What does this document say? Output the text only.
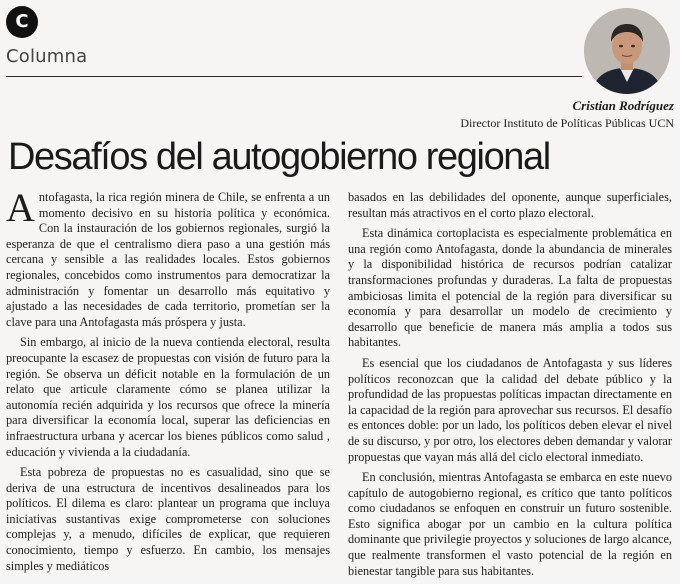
C
Columna
Cristian Rodríguez
Director Instituto de Políticas Públicas UCN
Desafíos del autogobierno regional

Antofagasta, la rica región minera de Chile, se enfrenta a un momento decisivo en su historia política y económica. Con la instauración de los gobiernos regionales, surgió la esperanza de que el centralismo diera paso a una gestión más cercana y sensible a las realidades locales. Estos gobiernos regionales, concebidos como instrumentos para democratizar la administración y fomentar un desarrollo más equitativo y ajustado a las necesidades de cada territorio, prometían ser la clave para una Antofagasta más próspera y justa.

Sin embargo, al inicio de la nueva contienda electoral, resulta preocupante la escasez de propuestas con visión de futuro para la región. Se observa un déficit notable en la formulación de un relato que articule claramente cómo se planea utilizar la autonomía recién adquirida y los recursos que ofrece la minería para diversificar la economía local, superar las deficiencias en infraestructura urbana y acercar los bienes públicos como salud , educación y vivienda a la ciudadanía.

Esta pobreza de propuestas no es casualidad, sino que se deriva de una estructura de incentivos desalineados para los políticos. El dilema es claro: plantear un programa que incluya iniciativas sustantivas exige comprometerse con soluciones complejas y, a menudo, difíciles de explicar, que requieren conocimiento, tiempo y esfuerzo. En cambio, los mensajes simples y mediáticos

basados en las debilidades del oponente, aunque superficiales, resultan más atractivos en el corto plazo electoral.

Esta dinámica cortoplacista es especialmente problemática en una región como Antofagasta, donde la abundancia de minerales y la disponibilidad histórica de recursos podrían catalizar transformaciones profundas y duraderas. La falta de propuestas ambiciosas limita el potencial de la región para diversificar su economía y para desarrollar un modelo de crecimiento y desarrollo que beneficie de manera más amplia a todos sus habitantes.

Es esencial que los ciudadanos de Antofagasta y sus líderes políticos reconozcan que la calidad del debate público y la profundidad de las propuestas políticas impactan directamente en la capacidad de la región para aprovechar sus recursos. El desafío es entonces doble: por un lado, los políticos deben elevar el nivel de su discurso, y por otro, los electores deben demandar y valorar propuestas que vayan más allá del ciclo electoral inmediato.

En conclusión, mientras Antofagasta se embarca en este nuevo capítulo de autogobierno regional, es crítico que tanto políticos como ciudadanos se enfoquen en construir un futuro sostenible. Esto significa abogar por un cambio en la cultura política dominante que privilegie proyectos y soluciones de largo alcance, que realmente transformen el vasto potencial de la región en bienestar tangible para sus habitantes.
